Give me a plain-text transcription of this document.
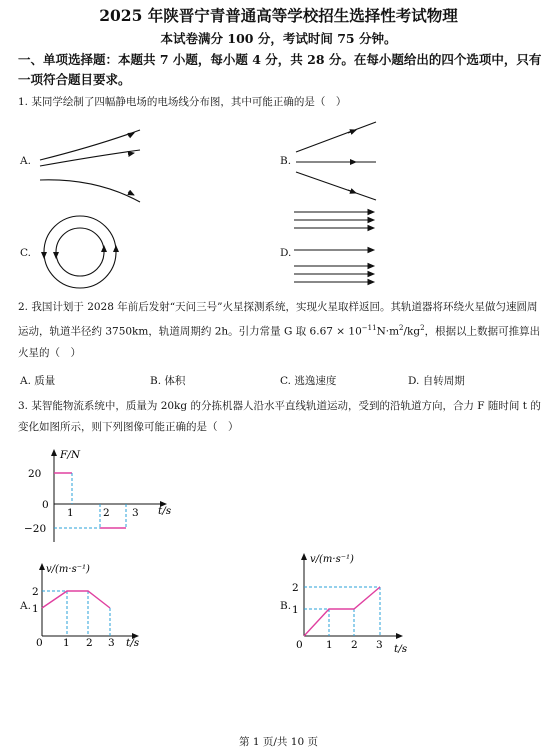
2025 年陕晋宁青普通高等学校招生选择性考试物理
本试卷满分 100 分，考试时间 75 分钟。
一、单项选择题：本题共 7 小题，每小题 4 分，共 28 分。在每小题给出的四个选项中，只有一项符合题目要求。
1. 某同学绘制了四幅静电场的电场线分布图，其中可能正确的是（　）
A.	B.
C.	D.
2. 我国计划于 2028 年前后发射“天问三号”火星探测系统，实现火星取样返回。其轨道器将环绕火星做匀速圆周运动，轨道半径约 3750km，轨道周期约 2h。引力常量 G 取 $6.67 \times 10^{-11}N\cdot m^2/kg^2$，根据以上数据可推算出火星的（　）
A. 质量	B. 体积	C. 逃逸速度	D. 自转周期
3. 某智能物流系统中，质量为 20kg 的分拣机器人沿水平直线轨道运动，受到的沿轨道方向，合力 F 随时间 t 的变化如图所示，则下列图像可能正确的是（　）
F/N
t/s
20
0
−20
1	2 3
A.
v/(m·s⁻¹)
t/s
2
1
0 1 2 3
B.
v/(m·s⁻¹)
t/s
2
1
0 1 2 3
第 1 页/共 10 页
